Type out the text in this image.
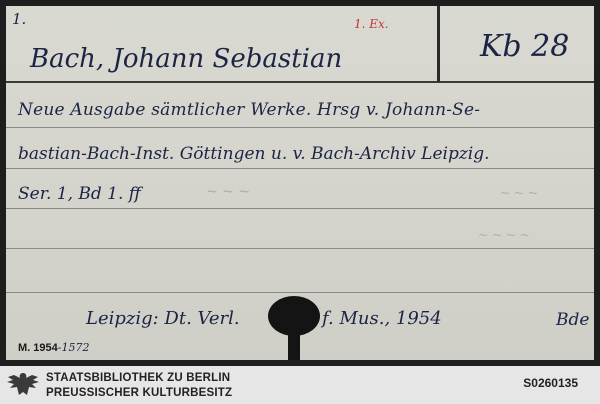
1.	1. Ex.
Bach, Johann Sebastian	Kb 28
Neue Ausgabe sämtlicher Werke. Hrsg v. Johann-Se-
bastian-Bach-Inst. Göttingen u. v. Bach-Archiv Leipzig.
Ser. 1, Bd 1. ff	~ ~ ~	~ ~ ~
~ ~ ~ ~
Leipzig: Dt. Verl.	f. Mus., 1954	Bde
M. 1954-1572
STAATSBIBLIOTHEK ZU BERLIN
PREUSSISCHER KULTURBESITZ
S0260135
